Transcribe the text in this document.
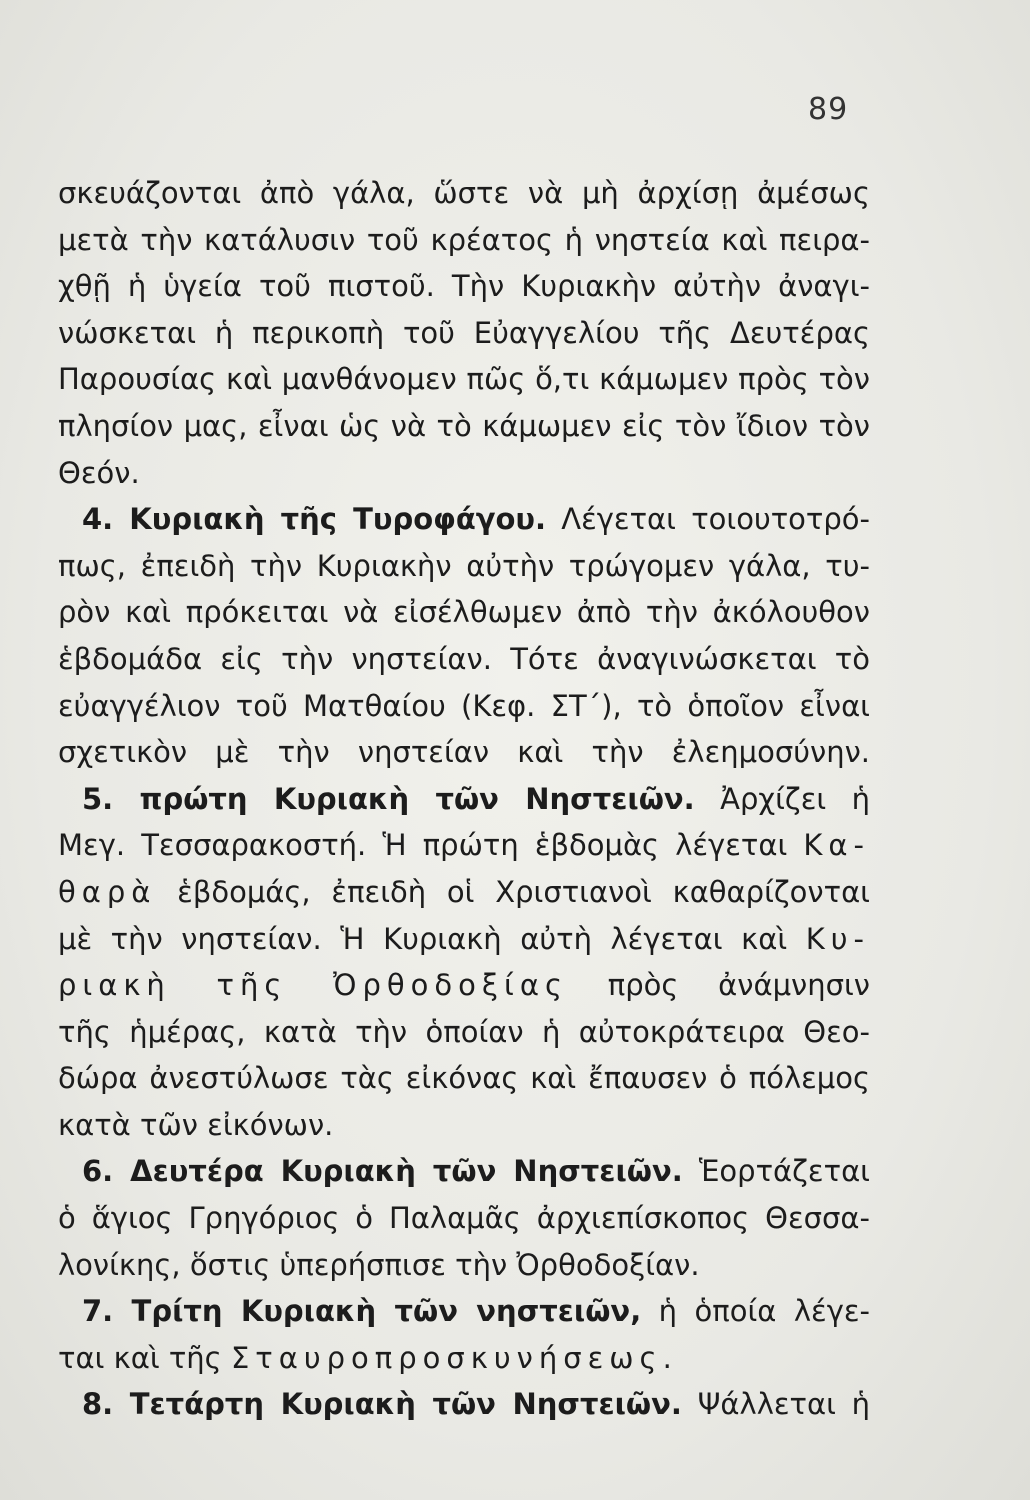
89
σκευάζονται ἀπὸ γάλα, ὥστε νὰ μὴ ἀρχίσῃ ἀμέσως
μετὰ τὴν κατάλυσιν τοῦ κρέατος ἡ νηστεία καὶ πειρα-
χθῇ ἡ ὑγεία τοῦ πιστοῦ. Τὴν Κυριακὴν αὐτὴν ἀναγι-
νώσκεται ἡ περικοπὴ τοῦ Εὐαγγελίου τῆς Δευτέρας
Παρουσίας καὶ μανθάνομεν πῶς ὅ,τι κάμωμεν πρὸς τὸν
πλησίον μας, εἶναι ὡς νὰ τὸ κάμωμεν εἰς τὸν ἴδιον τὸν
Θεόν.
4. Κυριακὴ τῆς Τυροφάγου. Λέγεται τοιουτοτρό-
πως, ἐπειδὴ τὴν Κυριακὴν αὐτὴν τρώγομεν γάλα, τυ-
ρὸν καὶ πρόκειται νὰ εἰσέλθωμεν ἀπὸ τὴν ἀκόλουθον
ἑβδομάδα εἰς τὴν νηστείαν. Τότε ἀναγινώσκεται τὸ
εὐαγγέλιον τοῦ Ματθαίου (Κεφ. ΣΤ΄), τὸ ὁποῖον εἶναι
σχετικὸν μὲ τὴν νηστείαν καὶ τὴν ἐλεημοσύνην.
5. πρώτη Κυριακὴ τῶν Νηστειῶν. Ἀρχίζει ἡ
Μεγ. Τεσσαρακοστή. Ἡ πρώτη ἑβδομὰς λέγεται Κα-
θαρὰ ἑβδομάς, ἐπειδὴ οἱ Χριστιανοὶ καθαρίζονται
μὲ τὴν νηστείαν. Ἡ Κυριακὴ αὐτὴ λέγεται καὶ Κυ-
ριακὴ τῆς Ὀρθοδοξίας πρὸς ἀνάμνησιν
τῆς ἡμέρας, κατὰ τὴν ὁποίαν ἡ αὐτοκράτειρα Θεο-
δώρα ἀνεστύλωσε τὰς εἰκόνας καὶ ἔπαυσεν ὁ πόλεμος
κατὰ τῶν εἰκόνων.
6. Δευτέρα Κυριακὴ τῶν Νηστειῶν. Ἑορτάζεται
ὁ ἅγιος Γρηγόριος ὁ Παλαμᾶς ἀρχιεπίσκοπος Θεσσα-
λονίκης, ὅστις ὑπερήσπισε τὴν Ὀρθοδοξίαν.
7. Τρίτη Κυριακὴ τῶν νηστειῶν, ἡ ὁποία λέγε-
ται καὶ τῆς Σταυροπροσκυνήσεως.
8. Τετάρτη Κυριακὴ τῶν Νηστειῶν. Ψάλλεται ἡ
